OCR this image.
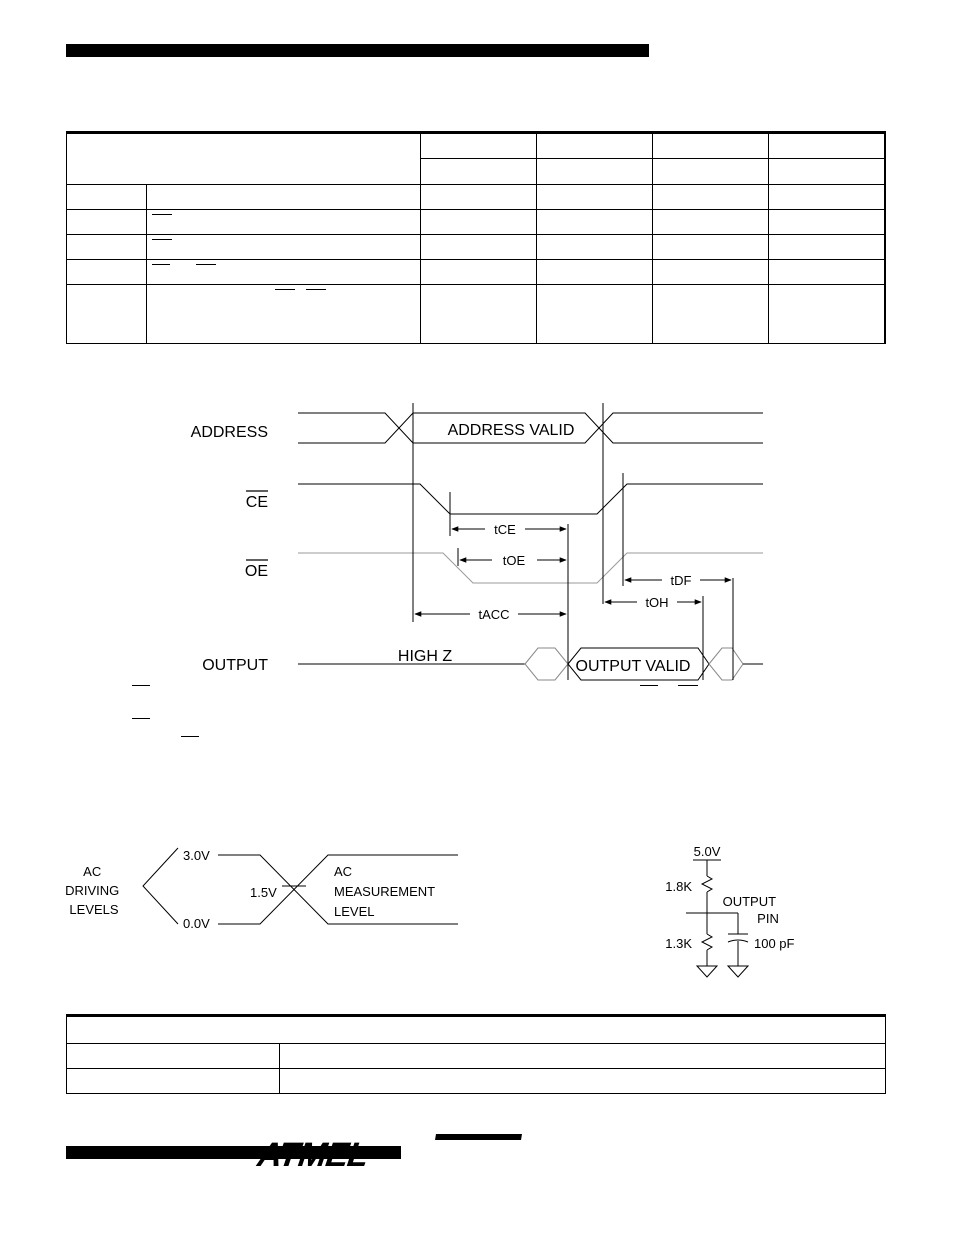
ADDRESS
CE
OE
OUTPUT
ADDRESS VALID
HIGH Z
OUTPUT VALID
tCE
tOE
tACC
tDF
tOH
AC DRIVING LEVELS
3.0V
0.0V
1.5V
AC MEASUREMENT LEVEL
5.0V
1.8K
1.3K
OUTPUT PIN
100 pF

ATMEL
